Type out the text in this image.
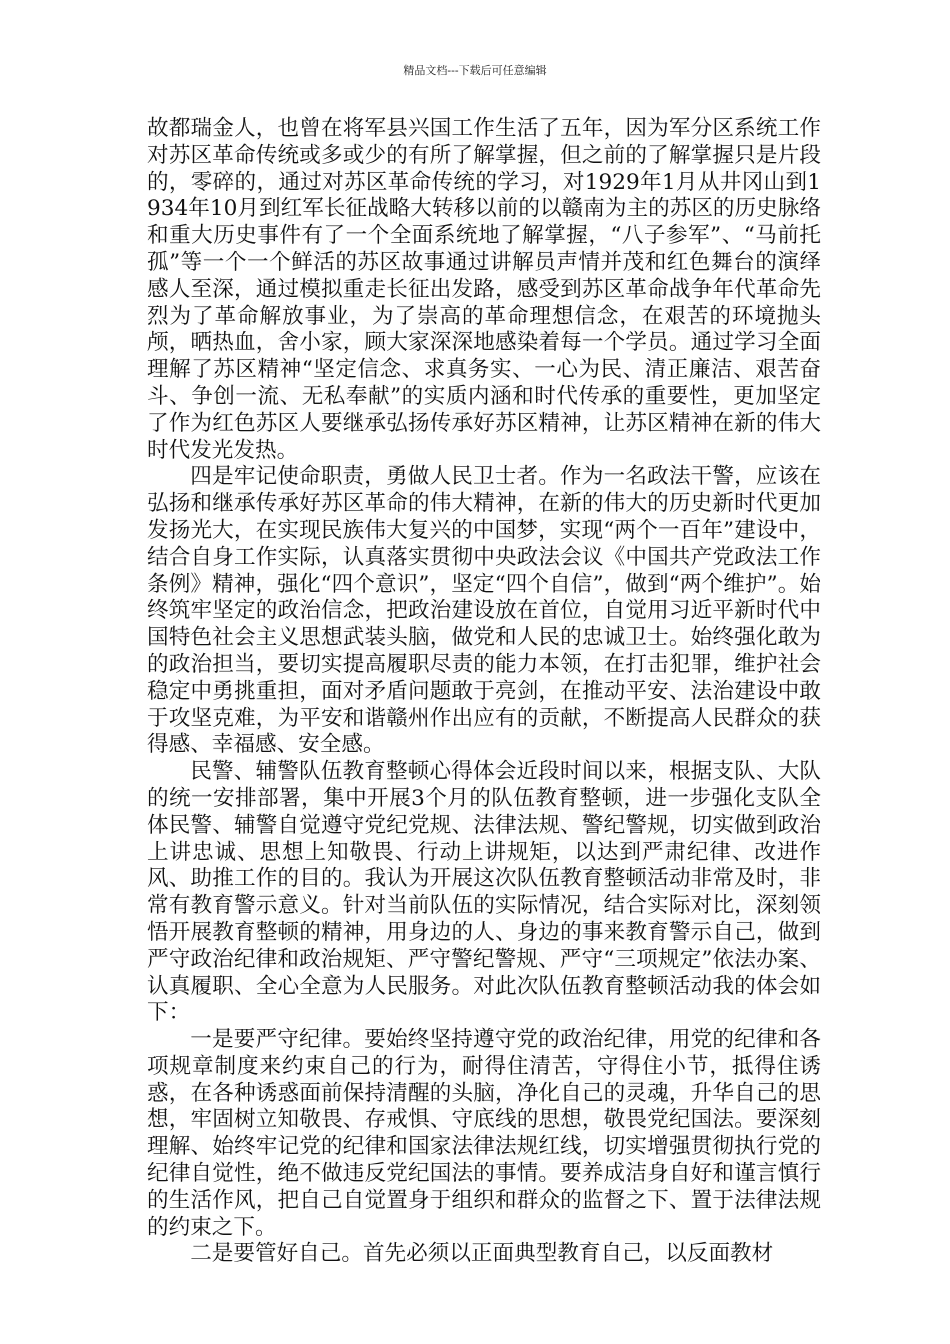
精品文档---下载后可任意编辑

故都瑞金人，也曾在将军县兴国工作生活了五年，因为军分区系统工作对苏区革命传统或多或少的有所了解掌握，但之前的了解掌握只是片段的，零碎的，通过对苏区革命传统的学习，对1929年1月从井冈山到1934年10月到红军长征战略大转移以前的以赣南为主的苏区的历史脉络和重大历史事件有了一个全面系统地了解掌握，“八子参军”、“马前托孤”等一个一个鲜活的苏区故事通过讲解员声情并茂和红色舞台的演绎感人至深，通过模拟重走长征出发路，感受到苏区革命战争年代革命先烈为了革命解放事业，为了崇高的革命理想信念，在艰苦的环境抛头颅，晒热血，舍小家，顾大家深深地感染着每一个学员。通过学习全面理解了苏区精神“坚定信念、求真务实、一心为民、清正廉洁、艰苦奋斗、争创一流、无私奉献”的实质内涵和时代传承的重要性，更加坚定了作为红色苏区人要继承弘扬传承好苏区精神，让苏区精神在新的伟大时代发光发热。

四是牢记使命职责，勇做人民卫士者。作为一名政法干警，应该在弘扬和继承传承好苏区革命的伟大精神，在新的伟大的历史新时代更加发扬光大，在实现民族伟大复兴的中国梦，实现“两个一百年”建设中，结合自身工作实际，认真落实贯彻中央政法会议《中国共产党政法工作条例》精神，强化“四个意识”，坚定“四个自信”，做到“两个维护”。始终筑牢坚定的政治信念，把政治建设放在首位，自觉用习近平新时代中国特色社会主义思想武装头脑，做党和人民的忠诚卫士。始终强化敢为的政治担当，要切实提高履职尽责的能力本领，在打击犯罪，维护社会稳定中勇挑重担，面对矛盾问题敢于亮剑，在推动平安、法治建设中敢于攻坚克难，为平安和谐赣州作出应有的贡献，不断提高人民群众的获得感、幸福感、安全感。

民警、辅警队伍教育整顿心得体会近段时间以来，根据支队、大队的统一安排部署，集中开展3个月的队伍教育整顿，进一步强化支队全体民警、辅警自觉遵守党纪党规、法律法规、警纪警规，切实做到政治上讲忠诚、思想上知敬畏、行动上讲规矩，以达到严肃纪律、改进作风、助推工作的目的。我认为开展这次队伍教育整顿活动非常及时，非常有教育警示意义。针对当前队伍的实际情况，结合实际对比，深刻领悟开展教育整顿的精神，用身边的人、身边的事来教育警示自己，做到严守政治纪律和政治规矩、严守警纪警规、严守“三项规定”依法办案、认真履职、全心全意为人民服务。对此次队伍教育整顿活动我的体会如下：

一是要严守纪律。要始终坚持遵守党的政治纪律，用党的纪律和各项规章制度来约束自己的行为，耐得住清苦，守得住小节，抵得住诱惑，在各种诱惑面前保持清醒的头脑，净化自己的灵魂，升华自己的思想，牢固树立知敬畏、存戒惧、守底线的思想，敬畏党纪国法。要深刻理解、始终牢记党的纪律和国家法律法规红线，切实增强贯彻执行党的纪律自觉性，绝不做违反党纪国法的事情。要养成洁身自好和谨言慎行的生活作风，把自己自觉置身于组织和群众的监督之下、置于法律法规的约束之下。

二是要管好自己。首先必须以正面典型教育自己，以反面教材
